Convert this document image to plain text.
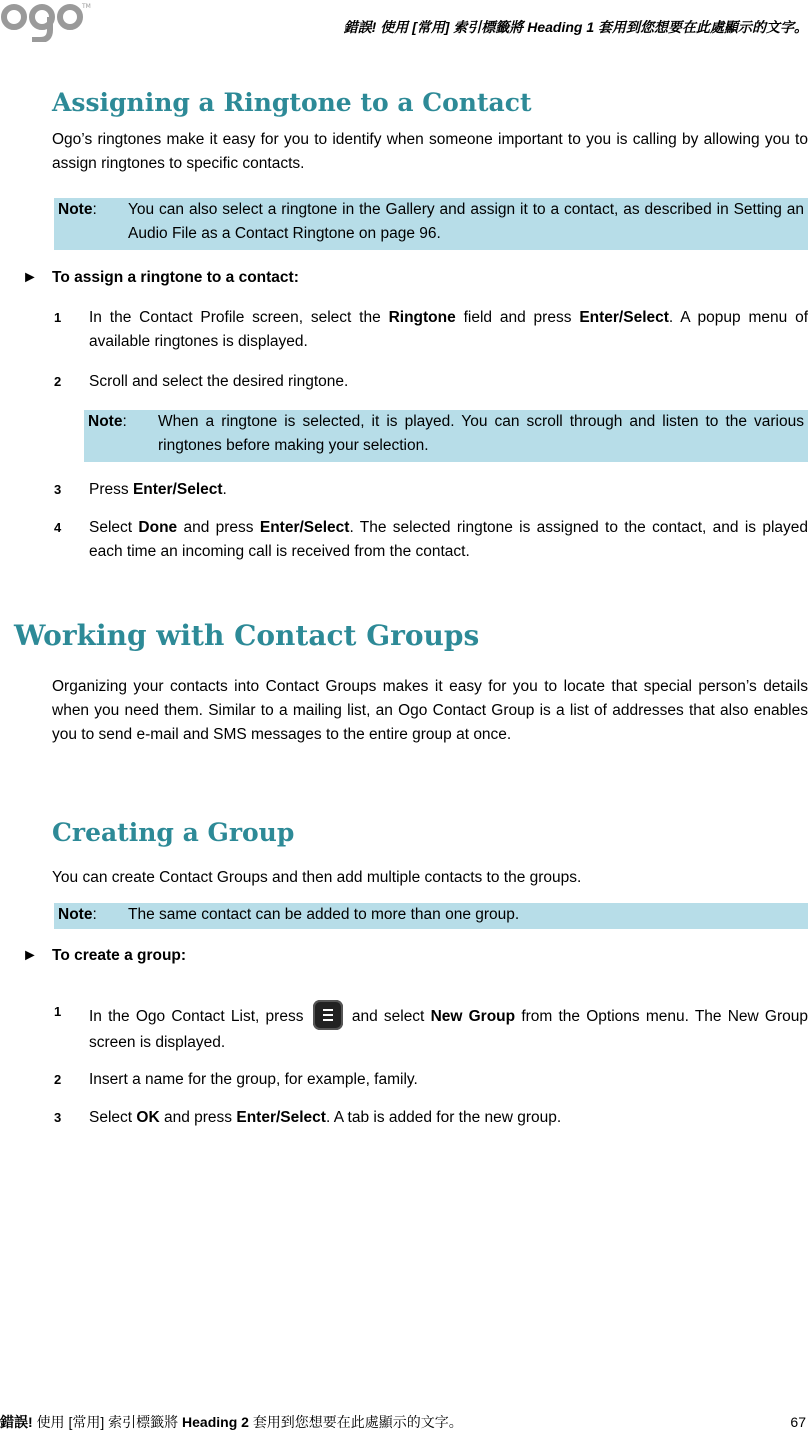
TM
錯誤! 使用 [常用] 索引標籤將 Heading 1 套用到您想要在此處顯示的文字。
Assigning a Ringtone to a Contact
Ogo’s ringtones make it easy for you to identify when someone important to you is calling by allowing you to assign ringtones to specific contacts.
Note:	You can also select a ringtone in the Gallery and assign it to a contact, as described in Setting an Audio File as a Contact Ringtone on page 96.
► To assign a ringtone to a contact:
1	In the Contact Profile screen, select the Ringtone field and press Enter/Select. A popup menu of available ringtones is displayed.
2	Scroll and select the desired ringtone.
Note:	When a ringtone is selected, it is played. You can scroll through and listen to the various ringtones before making your selection.
3	Press Enter/Select.
4	Select Done and press Enter/Select. The selected ringtone is assigned to the contact, and is played each time an incoming call is received from the contact.
Working with Contact Groups
Organizing your contacts into Contact Groups makes it easy for you to locate that special person’s details when you need them. Similar to a mailing list, an Ogo Contact Group is a list of addresses that also enables you to send e-mail and SMS messages to the entire group at once.
Creating a Group
You can create Contact Groups and then add multiple contacts to the groups.
Note:	The same contact can be added to more than one group.
► To create a group:
1	In the Ogo Contact List, press	and select New Group from the Options menu. The New Group screen is displayed.
2	Insert a name for the group, for example, family.
3	Select OK and press Enter/Select. A tab is added for the new group.
錯誤! 使用 [常用] 索引標籤將 Heading 2 套用到您想要在此處顯示的文字。	67
